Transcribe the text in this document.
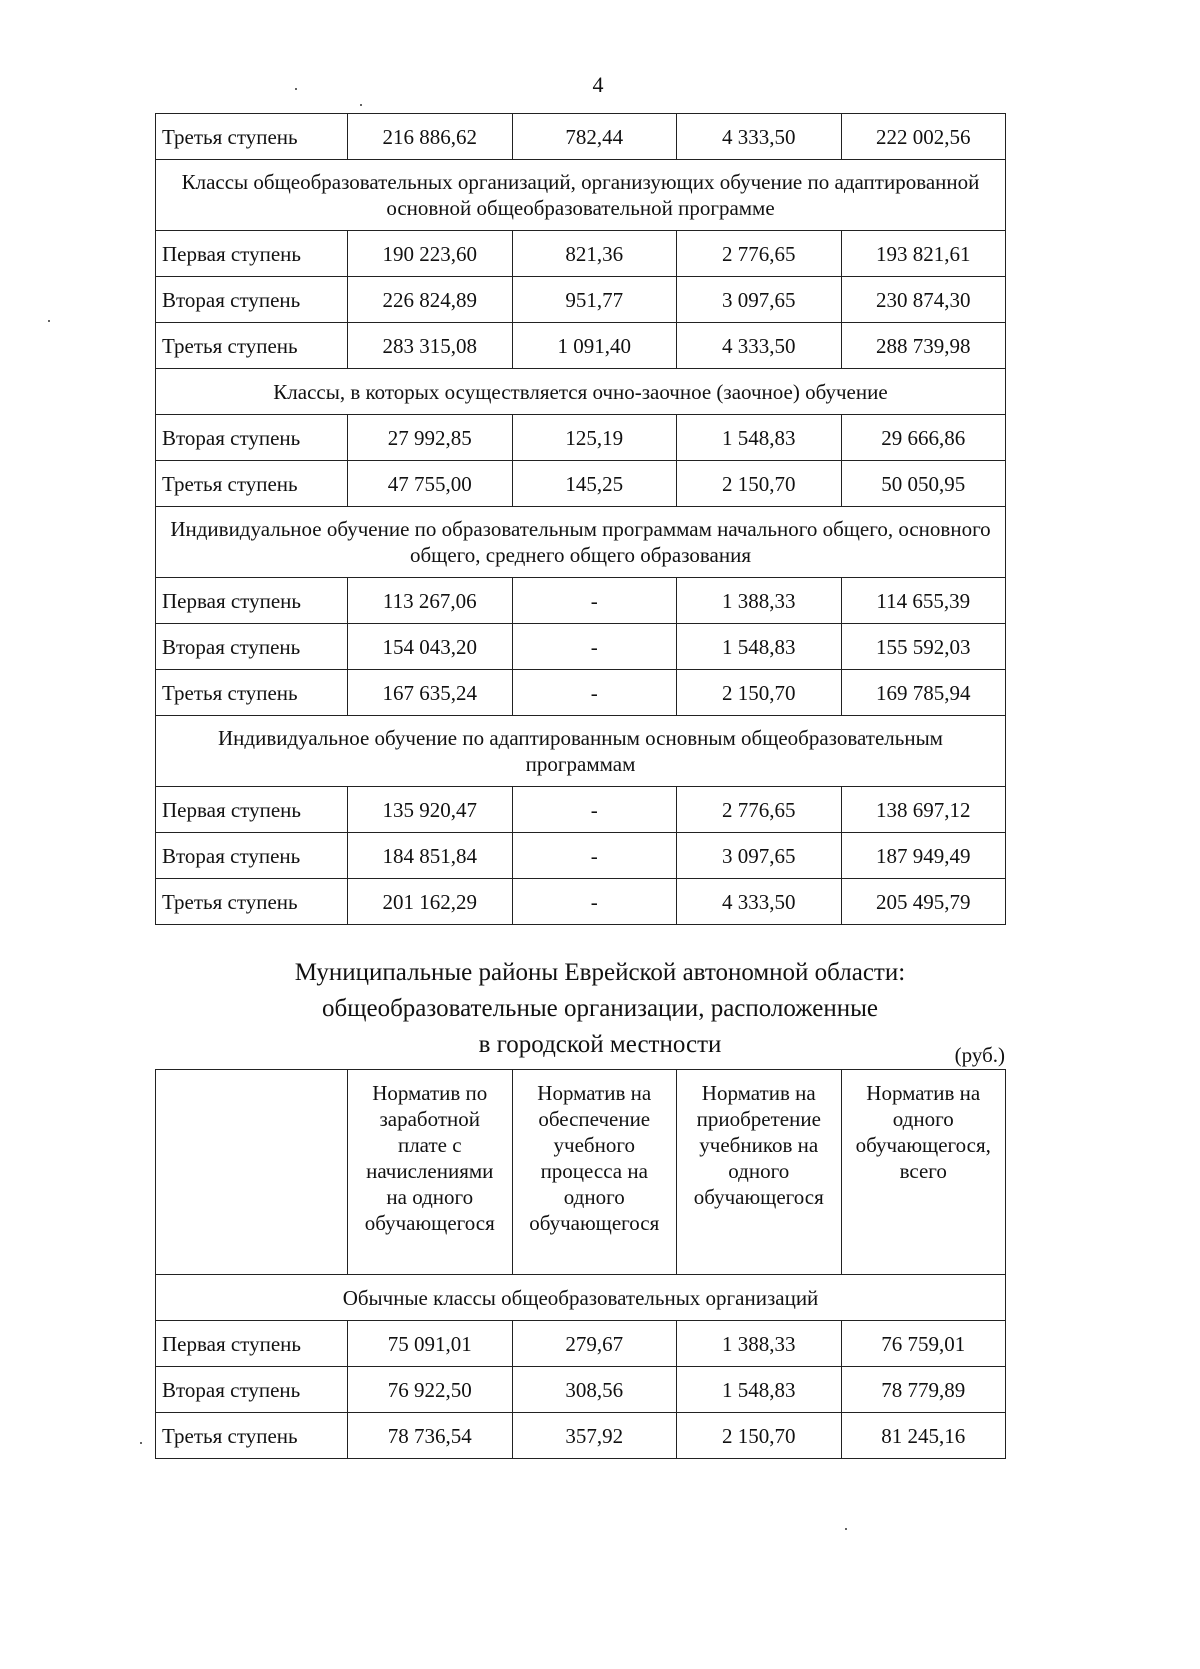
4
Третья ступень	216 886,62	782,44	4 333,50	222 002,56
Классы общеобразовательных организаций, организующих обучение по адаптированной основной общеобразовательной программе				
Первая ступень	190 223,60	821,36	2 776,65	193 821,61
Вторая ступень	226 824,89	951,77	3 097,65	230 874,30
Третья ступень	283 315,08	1 091,40	4 333,50	288 739,98
Классы, в которых осуществляется очно-заочное (заочное) обучение				
Вторая ступень	27 992,85	125,19	1 548,83	29 666,86
Третья ступень	47 755,00	145,25	2 150,70	50 050,95
Индивидуальное обучение по образовательным программам начального общего, основного общего, среднего общего образования				
Первая ступень	113 267,06	-	1 388,33	114 655,39
Вторая ступень	154 043,20	-	1 548,83	155 592,03
Третья ступень	167 635,24	-	2 150,70	169 785,94
Индивидуальное обучение по адаптированным основным общеобразовательным программам				
Первая ступень	135 920,47	-	2 776,65	138 697,12
Вторая ступень	184 851,84	-	3 097,65	187 949,49
Третья ступень	201 162,29	-	4 333,50	205 495,79
Муниципальные районы Еврейской автономной области:
общеобразовательные организации, расположенные
в городской местности	(руб.)
	Норматив по заработной плате с начислениями на одного обучающегося	Норматив на обеспечение учебного процесса на одного обучающегося	Норматив на приобретение учебников на одного обучающегося	Норматив на одного обучающегося, всего
Обычные классы общеобразовательных организаций				
Первая ступень	75 091,01	279,67	1 388,33	76 759,01
Вторая ступень	76 922,50	308,56	1 548,83	78 779,89
Третья ступень	78 736,54	357,92	2 150,70	81 245,16
